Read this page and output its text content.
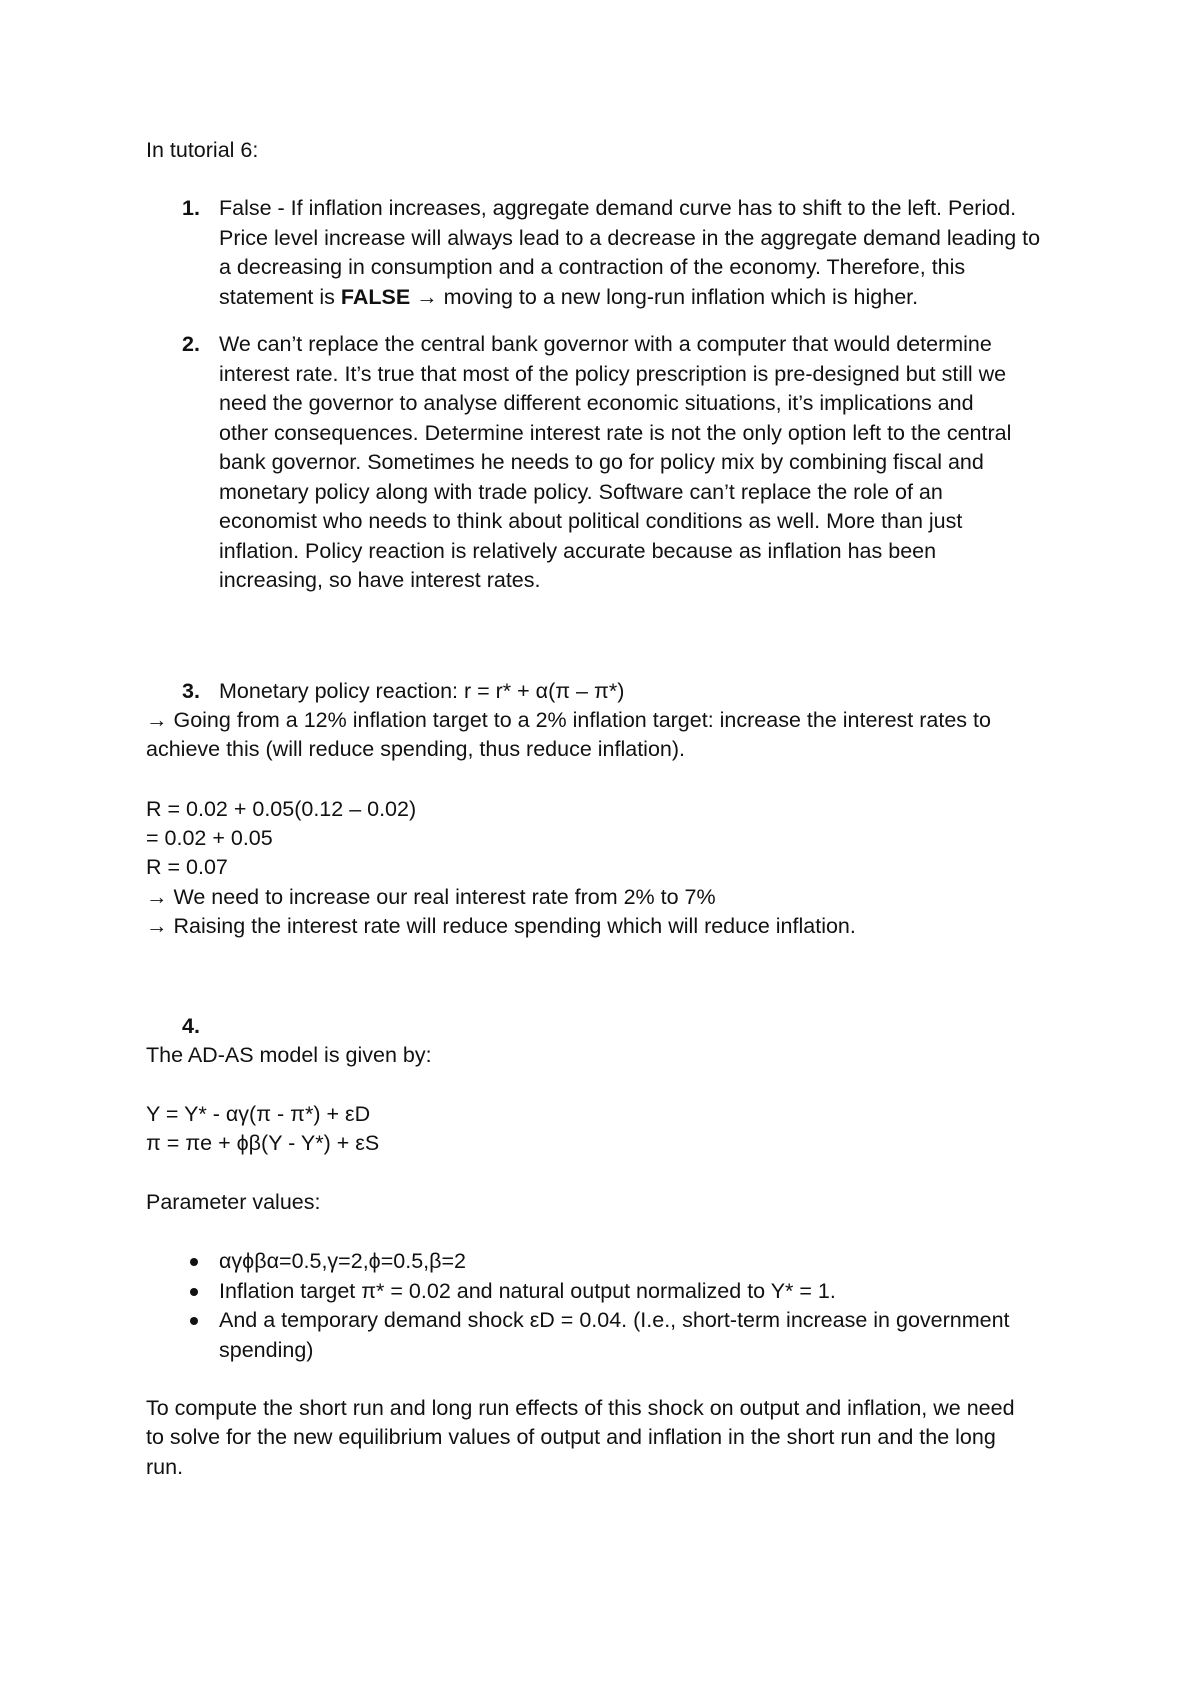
In tutorial 6:
1. False - If inflation increases, aggregate demand curve has to shift to the left. Period.
Price level increase will always lead to a decrease in the aggregate demand leading to
a decreasing in consumption and a contraction of the economy. Therefore, this
statement is FALSE → moving to a new long-run inflation which is higher.
2. We can’t replace the central bank governor with a computer that would determine
interest rate. It’s true that most of the policy prescription is pre-designed but still we
need the governor to analyse different economic situations, it’s implications and
other consequences. Determine interest rate is not the only option left to the central
bank governor. Sometimes he needs to go for policy mix by combining fiscal and
monetary policy along with trade policy. Software can’t replace the role of an
economist who needs to think about political conditions as well. More than just
inflation. Policy reaction is relatively accurate because as inflation has been
increasing, so have interest rates.
3. Monetary policy reaction: r = r* + α(π – π*)
→ Going from a 12% inflation target to a 2% inflation target: increase the interest rates to
achieve this (will reduce spending, thus reduce inflation).
R = 0.02 + 0.05(0.12 – 0.02)
= 0.02 + 0.05
R = 0.07
→ We need to increase our real interest rate from 2% to 7%
→ Raising the interest rate will reduce spending which will reduce inflation.
4.
The AD-AS model is given by:
Y = Y* - αγ(π - π*) + εD
π = πe + ϕβ(Y - Y*) + εS
Parameter values:
αγϕβα=0.5,γ=2,ϕ=0.5,β=2
Inflation target π* = 0.02 and natural output normalized to Y* = 1.
And a temporary demand shock εD = 0.04. (I.e., short-term increase in government
spending)
To compute the short run and long run effects of this shock on output and inflation, we need
to solve for the new equilibrium values of output and inflation in the short run and the long
run.
